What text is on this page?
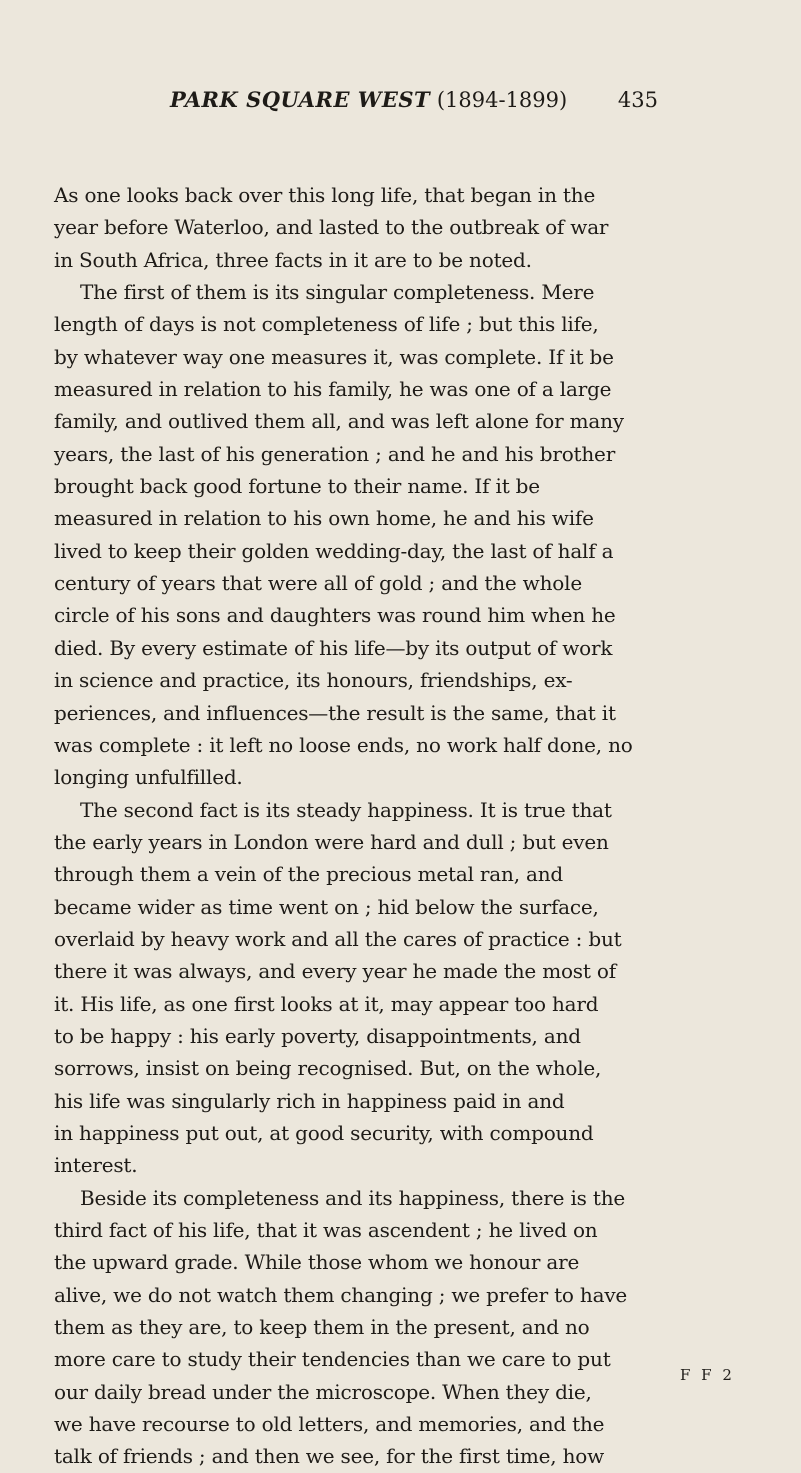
PARK SQUARE WEST (1894-1899) 435
As one looks back over this long life, that began in the
year before Waterloo, and lasted to the outbreak of war
in South Africa, three facts in it are to be noted.
The first of them is its singular completeness. Mere
length of days is not completeness of life ; but this life,
by whatever way one measures it, was complete. If it be
measured in relation to his family, he was one of a large
family, and outlived them all, and was left alone for many
years, the last of his generation ; and he and his brother
brought back good fortune to their name. If it be
measured in relation to his own home, he and his wife
lived to keep their golden wedding-day, the last of half a
century of years that were all of gold ; and the whole
circle of his sons and daughters was round him when he
died. By every estimate of his life—by its output of work
in science and practice, its honours, friendships, ex-
periences, and influences—the result is the same, that it
was complete : it left no loose ends, no work half done, no
longing unfulfilled.
The second fact is its steady happiness. It is true that
the early years in London were hard and dull ; but even
through them a vein of the precious metal ran, and
became wider as time went on ; hid below the surface,
overlaid by heavy work and all the cares of practice : but
there it was always, and every year he made the most of
it. His life, as one first looks at it, may appear too hard
to be happy : his early poverty, disappointments, and
sorrows, insist on being recognised. But, on the whole,
his life was singularly rich in happiness paid in and
in happiness put out, at good security, with compound
interest.
Beside its completeness and its happiness, there is the
third fact of his life, that it was ascendent ; he lived on
the upward grade. While those whom we honour are
alive, we do not watch them changing ; we prefer to have
them as they are, to keep them in the present, and no
more care to study their tendencies than we care to put
our daily bread under the microscope. When they die,
we have recourse to old letters, and memories, and the
talk of friends ; and then we see, for the first time, how
F F 2
